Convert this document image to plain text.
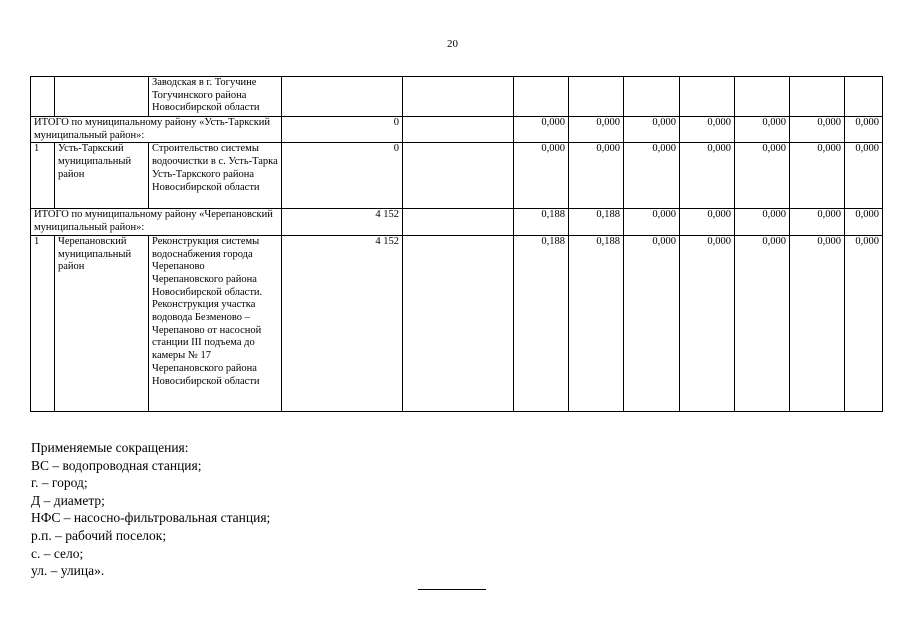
20
		Заводская в г. Тогучине Тогучинского района Новосибирской области									
ИТОГО по муниципальному району «Усть-Таркский муниципальный район»:			0		0,000	0,000	0,000	0,000	0,000	0,000	0,000
1	Усть-Таркский муниципальный район	Строительство системы водоочистки в с. Усть-Тарка Усть-Таркского района Новосибирской области	0		0,000	0,000	0,000	0,000	0,000	0,000	0,000
ИТОГО по муниципальному району «Черепановский муниципальный район»:			4 152		0,188	0,188	0,000	0,000	0,000	0,000	0,000
1	Черепановский муниципальный район	Реконструкция системы водоснабжения города Черепаново Черепановского района Новосибирской области. Реконструкция участка водовода Безменово – Черепаново от насосной станции III подъема до камеры № 17 Черепановского района Новосибирской области	4 152		0,188	0,188	0,000	0,000	0,000	0,000	0,000
Применяемые сокращения:
ВС – водопроводная станция;
г. – город;
Д – диаметр;
НФС – насосно-фильтровальная станция;
р.п. – рабочий поселок;
с. – село;
ул. – улица».
